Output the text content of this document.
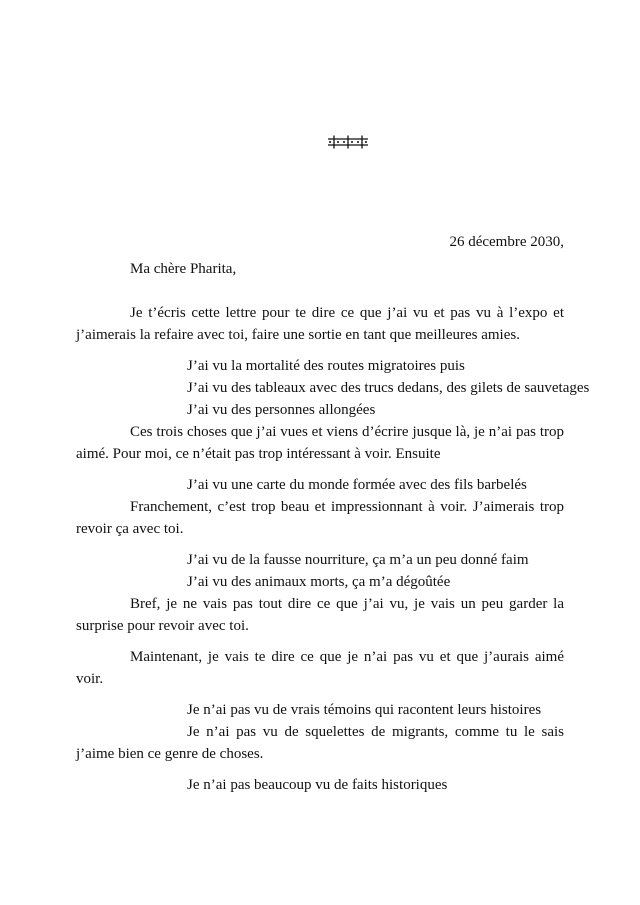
26 décembre 2030,

Ma chère Pharita,

Je t’écris cette lettre pour te dire ce que j’ai vu et pas vu à l’expo et j’aimerais la refaire avec toi, faire une sortie en tant que meilleures amies.

J’ai vu la mortalité des routes migratoires puis

J’ai vu des tableaux avec des trucs dedans, des gilets de sauvetages

J’ai vu des personnes allongées

Ces trois choses que j’ai vues et viens d’écrire jusque là, je n’ai pas trop aimé. Pour moi, ce n’était pas trop intéressant à voir. Ensuite

J’ai vu une carte du monde formée avec des fils barbelés

Franchement, c’est trop beau et impressionnant à voir. J’aimerais trop revoir ça avec toi.

J’ai vu de la fausse nourriture, ça m’a un peu donné faim

J’ai vu des animaux morts, ça m’a dégoûtée

Bref, je ne vais pas tout dire ce que j’ai vu, je vais un peu garder la surprise pour revoir avec toi.

Maintenant, je vais te dire ce que je n’ai pas vu et que j’aurais aimé voir.

Je n’ai pas vu de vrais témoins qui racontent leurs histoires

Je n’ai pas vu de squelettes de migrants, comme tu le sais j’aime bien ce genre de choses.

Je n’ai pas beaucoup vu de faits historiques
